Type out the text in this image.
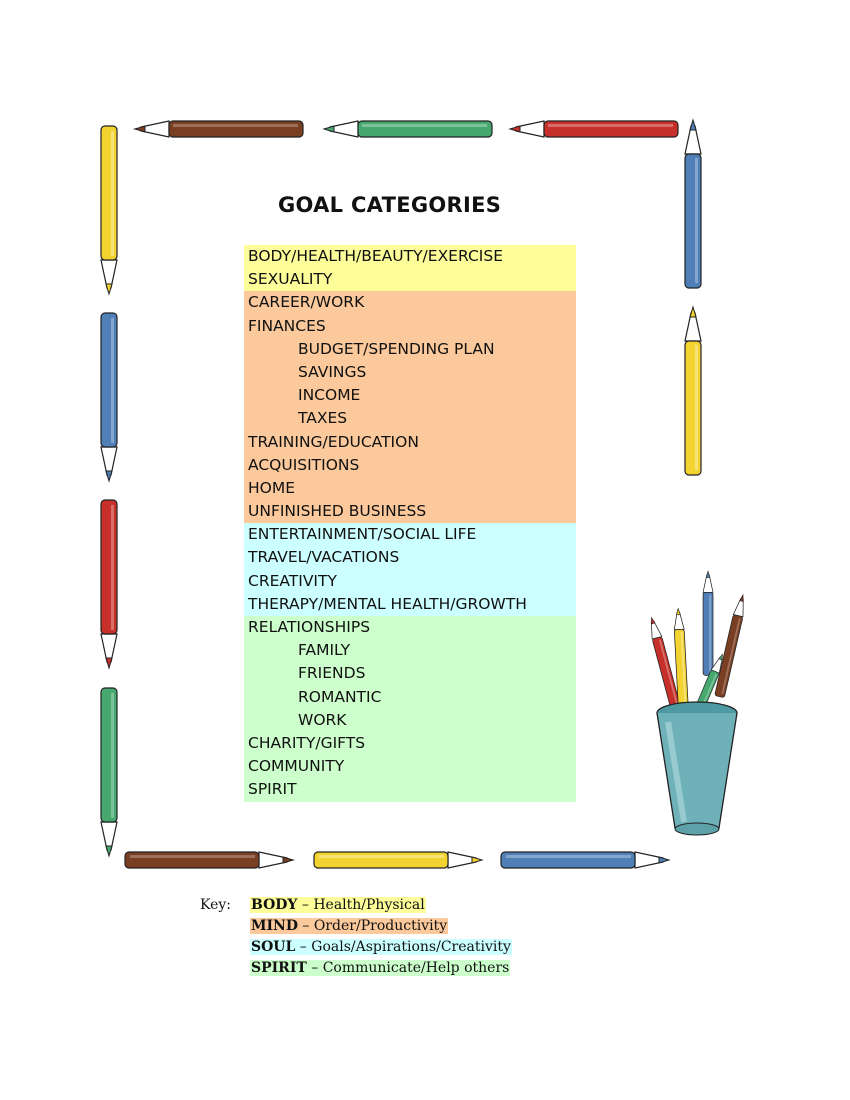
GOAL CATEGORIES
BODY/HEALTH/BEAUTY/EXERCISE
SEXUALITY
CAREER/WORK
FINANCES
BUDGET/SPENDING PLAN
SAVINGS
INCOME
TAXES
TRAINING/EDUCATION
ACQUISITIONS
HOME
UNFINISHED BUSINESS
ENTERTAINMENT/SOCIAL LIFE
TRAVEL/VACATIONS
CREATIVITY
THERAPY/MENTAL HEALTH/GROWTH
RELATIONSHIPS
FAMILY
FRIENDS
ROMANTIC
WORK
CHARITY/GIFTS
COMMUNITY
SPIRIT
Key: BODY – Health/Physical
MIND – Order/Productivity
SOUL – Goals/Aspirations/Creativity
SPIRIT – Communicate/Help others
